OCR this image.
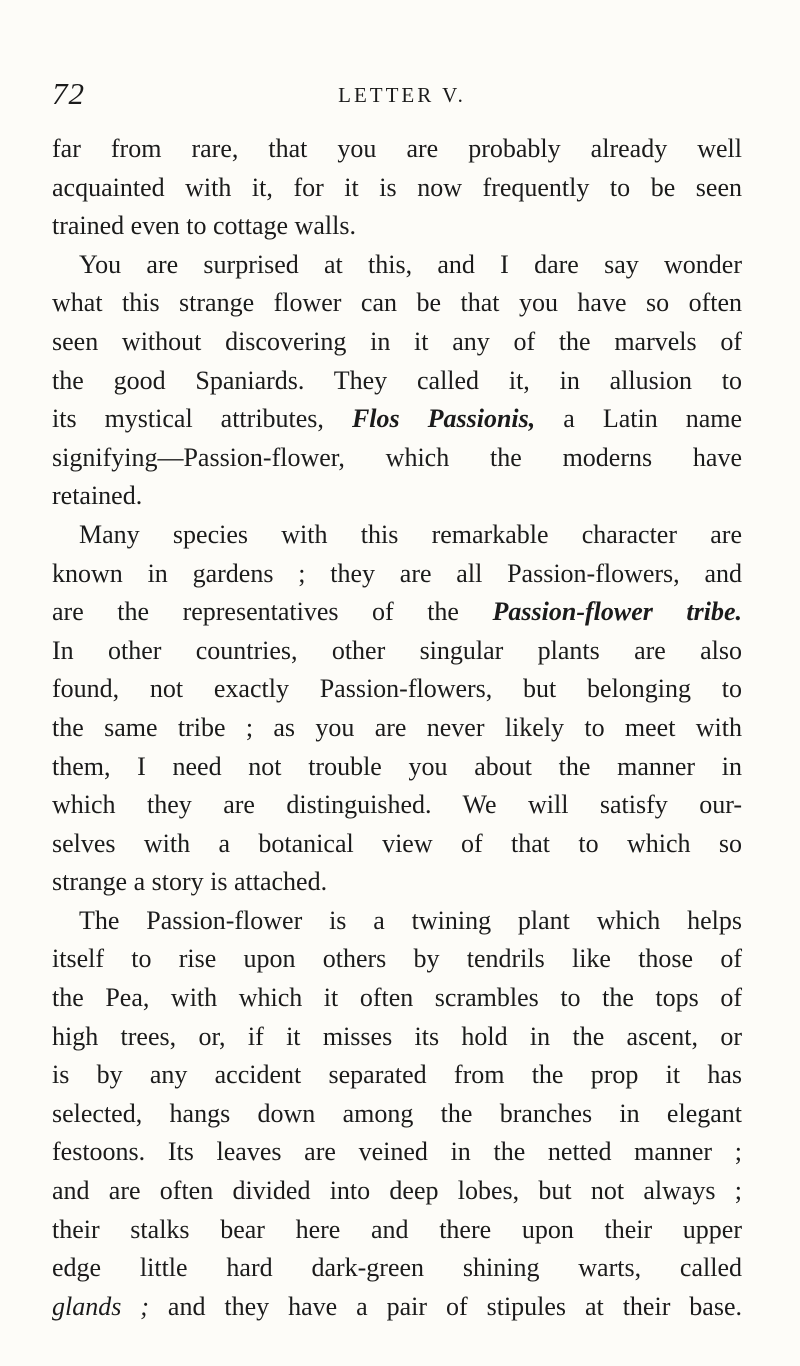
72	LETTER V.
far from rare, that you are probably already well
acquainted with it, for it is now frequently to be seen
trained even to cottage walls.
You are surprised at this, and I dare say wonder
what this strange flower can be that you have so often
seen without discovering in it any of the marvels of
the good Spaniards. They called it, in allusion to
its mystical attributes, Flos Passionis, a Latin name
signifying—Passion-flower, which the moderns have
retained.
Many species with this remarkable character are
known in gardens ; they are all Passion-flowers, and
are the representatives of the Passion-flower tribe.
In other countries, other singular plants are also
found, not exactly Passion-flowers, but belonging to
the same tribe ; as you are never likely to meet with
them, I need not trouble you about the manner in
which they are distinguished. We will satisfy our-
selves with a botanical view of that to which so
strange a story is attached.
The Passion-flower is a twining plant which helps
itself to rise upon others by tendrils like those of
the Pea, with which it often scrambles to the tops of
high trees, or, if it misses its hold in the ascent, or
is by any accident separated from the prop it has
selected, hangs down among the branches in elegant
festoons. Its leaves are veined in the netted manner ;
and are often divided into deep lobes, but not always ;
their stalks bear here and there upon their upper
edge little hard dark-green shining warts, called
glands ; and they have a pair of stipules at their base.
